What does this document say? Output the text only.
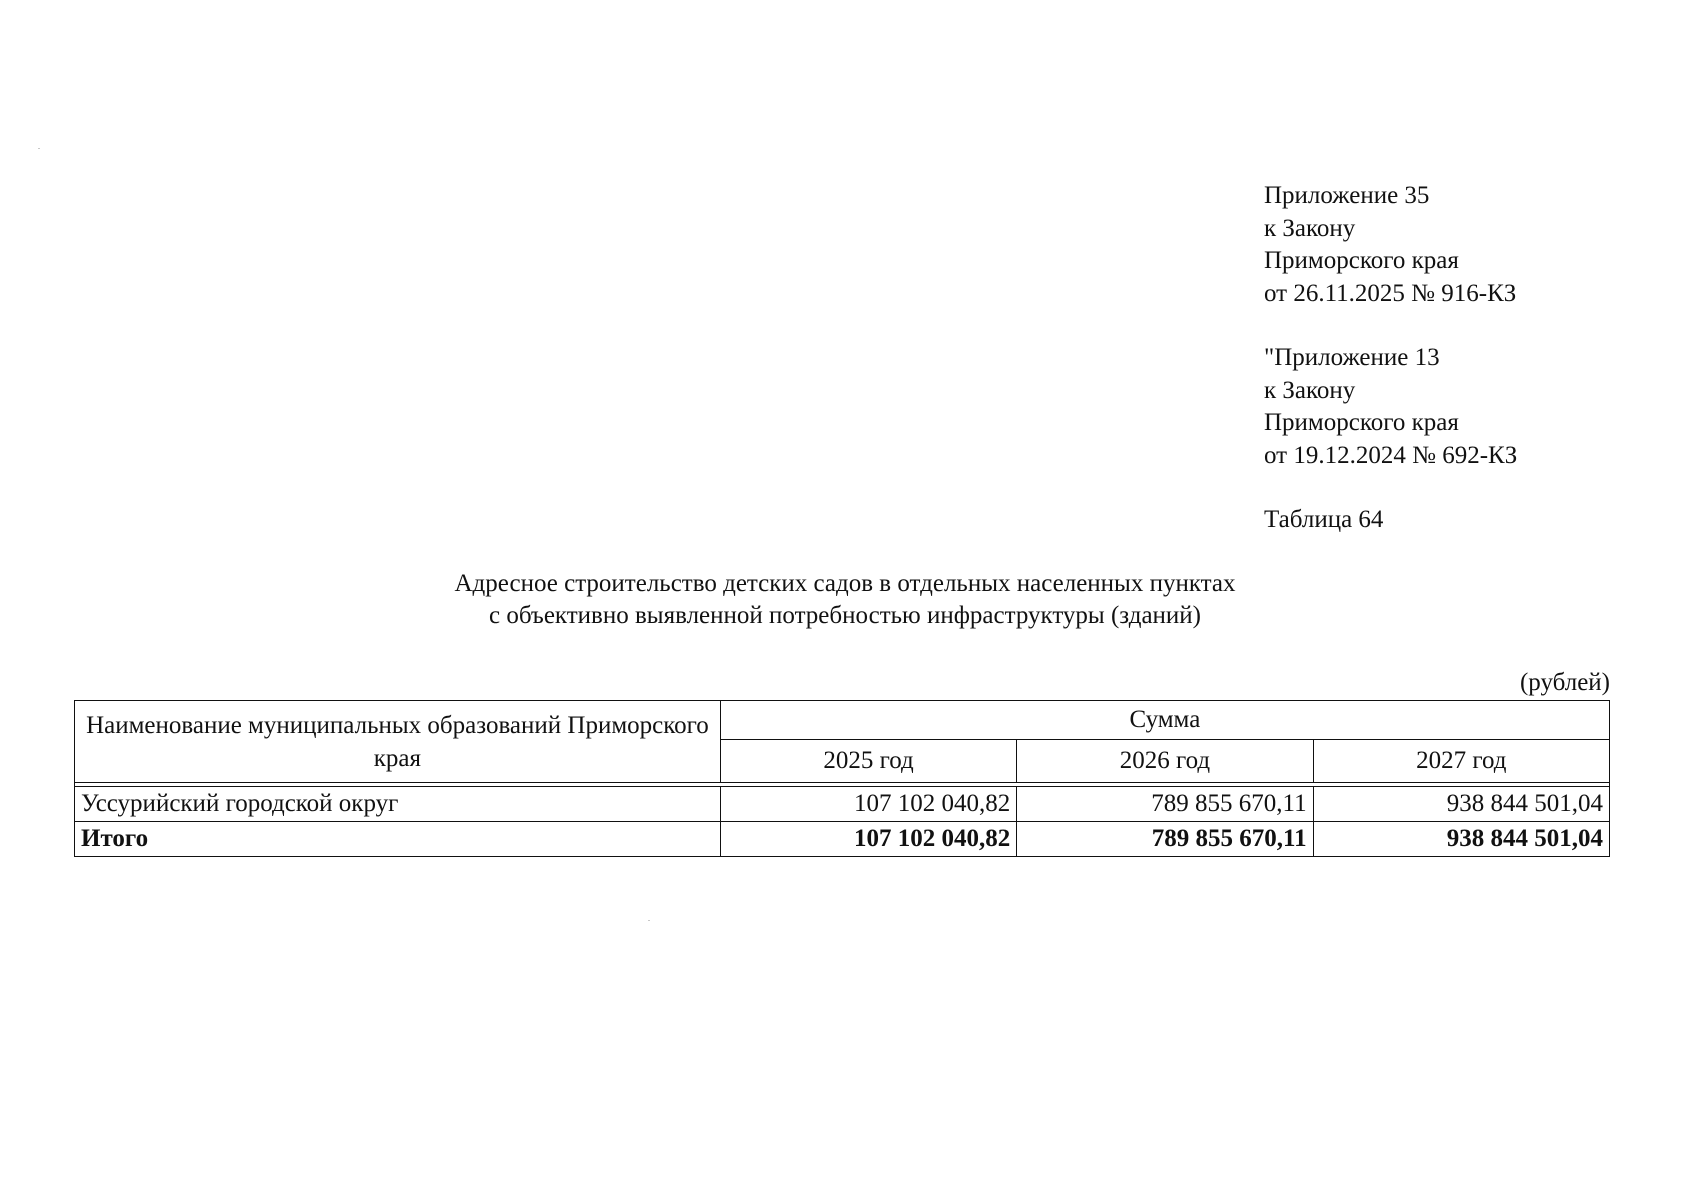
Приложение 35
к Закону
Приморского края
от 26.11.2025 № 916-КЗ
"Приложение 13
к Закону
Приморского края
от 19.12.2024 № 692-КЗ
Таблица 64
Адресное строительство детских садов в отдельных населенных пунктах
с объективно выявленной потребностью инфраструктуры (зданий)
(рублей)
Наименование муниципальных образований Приморского края	Сумма		
	2025 год	2026 год	2027 год

Уссурийский городской округ	107 102 040,82	789 855 670,11	938 844 501,04
Итого	107 102 040,82	789 855 670,11	938 844 501,04
